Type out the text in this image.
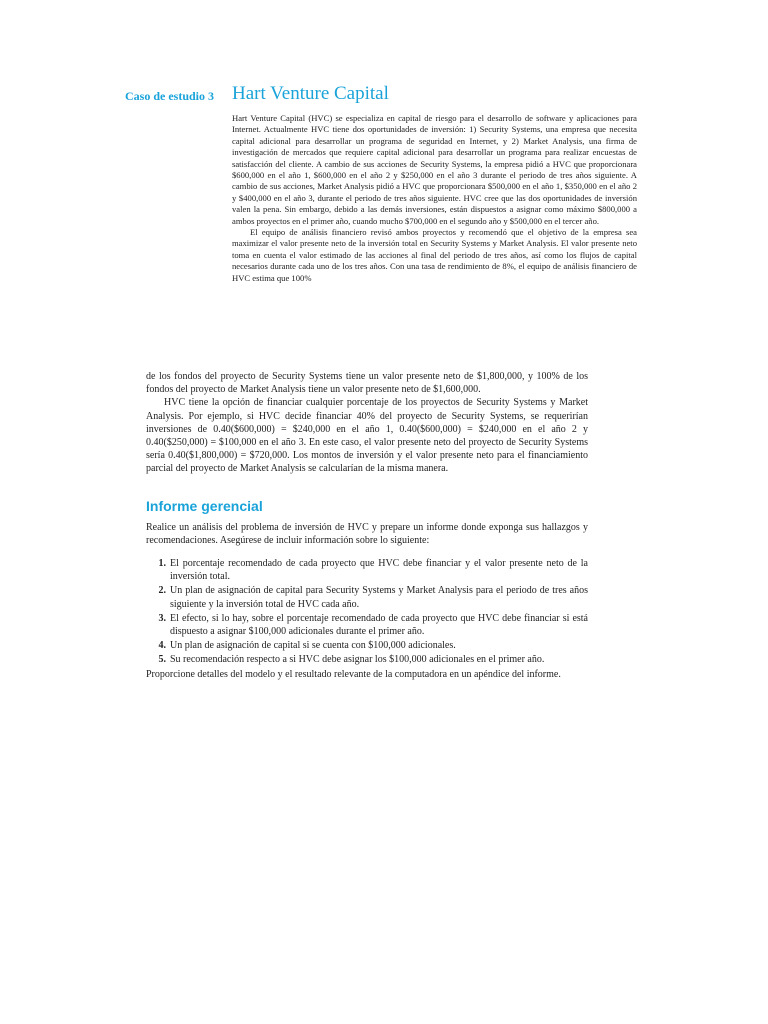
Caso de estudio 3 Hart Venture Capital

Hart Venture Capital (HVC) se especializa en capital de riesgo para el desarrollo de software y aplicaciones para Internet. Actualmente HVC tiene dos oportunidades de inversión: 1) Security Systems, una empresa que necesita capital adicional para desarrollar un programa de seguridad en Internet, y 2) Market Analysis, una firma de investigación de mercados que requiere capital adicional para desarrollar un programa para realizar encuestas de satisfacción del cliente. A cambio de sus acciones de Security Systems, la empresa pidió a HVC que proporcionara $600,000 en el año 1, $600,000 en el año 2 y $250,000 en el año 3 durante el periodo de tres años siguiente. A cambio de sus acciones, Market Analysis pidió a HVC que proporcionara $500,000 en el año 1, $350,000 en el año 2 y $400,000 en el año 3, durante el periodo de tres años siguiente. HVC cree que las dos oportunidades de inversión valen la pena. Sin embargo, debido a las demás inversiones, están dispuestos a asignar como máximo $800,000 a ambos proyectos en el primer año, cuando mucho $700,000 en el segundo año y $500,000 en el tercer año.

El equipo de análisis financiero revisó ambos proyectos y recomendó que el objetivo de la empresa sea maximizar el valor presente neto de la inversión total en Security Systems y Market Analysis. El valor presente neto toma en cuenta el valor estimado de las acciones al final del periodo de tres años, así como los flujos de capital necesarios durante cada uno de los tres años. Con una tasa de rendimiento de 8%, el equipo de análisis financiero de HVC estima que 100%

de los fondos del proyecto de Security Systems tiene un valor presente neto de $1,800,000, y 100% de los fondos del proyecto de Market Analysis tiene un valor presente neto de $1,600,000.

HVC tiene la opción de financiar cualquier porcentaje de los proyectos de Security Systems y Market Analysis. Por ejemplo, si HVC decide financiar 40% del proyecto de Security Systems, se requerirían inversiones de 0.40($600,000) = $240,000 en el año 1, 0.40($600,000) = $240,000 en el año 2 y 0.40($250,000) = $100,000 en el año 3. En este caso, el valor presente neto del proyecto de Security Systems sería 0.40($1,800,000) = $720,000. Los montos de inversión y el valor presente neto para el financiamiento parcial del proyecto de Market Analysis se calcularían de la misma manera.

Informe gerencial

Realice un análisis del problema de inversión de HVC y prepare un informe donde exponga sus hallazgos y recomendaciones. Asegúrese de incluir información sobre lo siguiente:

1. El porcentaje recomendado de cada proyecto que HVC debe financiar y el valor presente neto de la inversión total.
2. Un plan de asignación de capital para Security Systems y Market Analysis para el periodo de tres años siguiente y la inversión total de HVC cada año.
3. El efecto, si lo hay, sobre el porcentaje recomendado de cada proyecto que HVC debe financiar si está dispuesto a asignar $100,000 adicionales durante el primer año.
4. Un plan de asignación de capital si se cuenta con $100,000 adicionales.
5. Su recomendación respecto a si HVC debe asignar los $100,000 adicionales en el primer año.

Proporcione detalles del modelo y el resultado relevante de la computadora en un apéndice del informe.
